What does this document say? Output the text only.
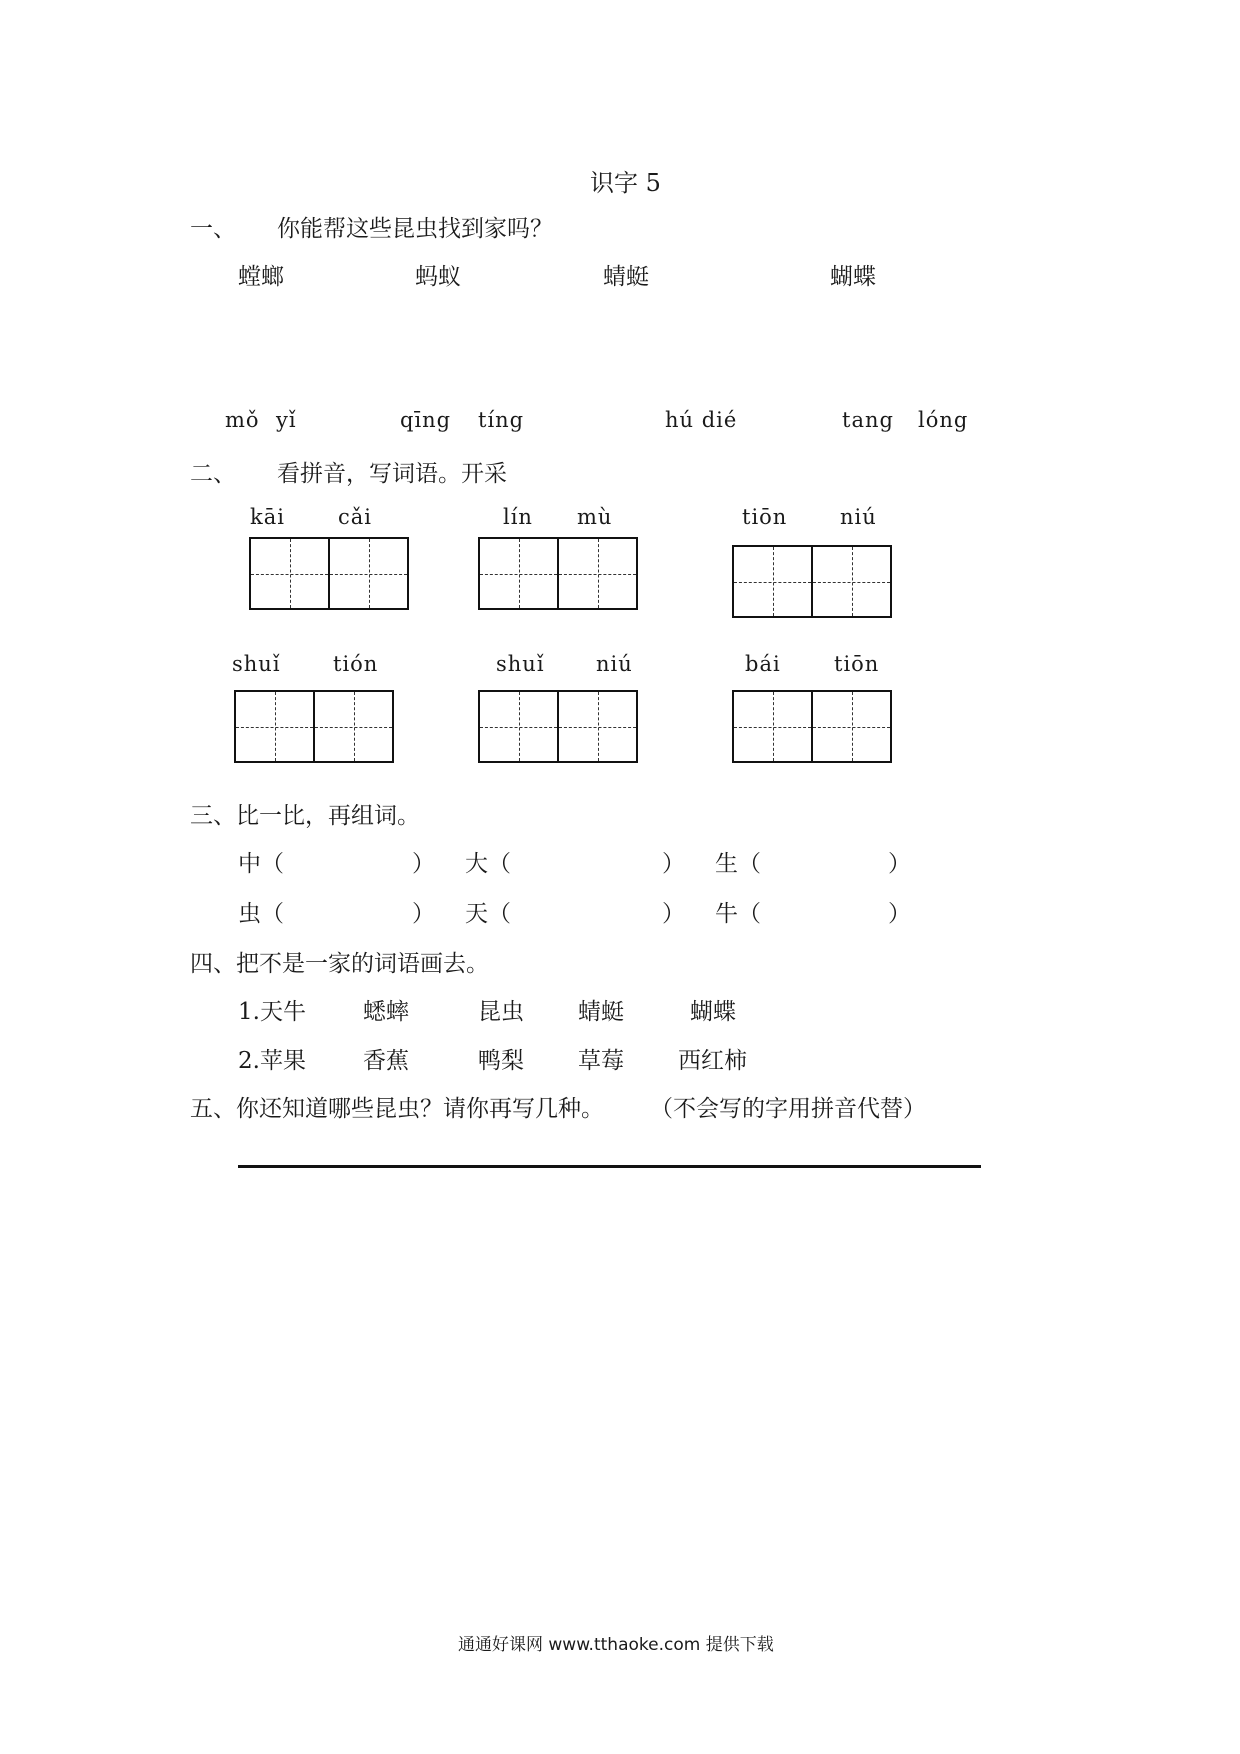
识字 5
一、 你能帮这些昆虫找到家吗？
螳螂	蚂蚁	蜻蜓	蝴蝶
mǒ yǐ	qīng tíng	hú dié	tang lóng
二、 看拼音，写词语。开采
kāi	cǎi	lín mù	tiōn	niú
shuǐ tión	shuǐ niú	bái	tiōn
三、比一比，再组词。
中（	） 大（	） 生（	）
虫（	） 天（	） 牛（	）
四、把不是一家的词语画去。
1.天牛 蟋蟀	昆虫 蜻蜓	蝴蝶
2.苹果 香蕉	鸭梨 草莓 西红柿
五、你还知道哪些昆虫？请你再写几种。 （不会写的字用拼音代替）
通通好课网 www.tthaoke.com 提供下载
